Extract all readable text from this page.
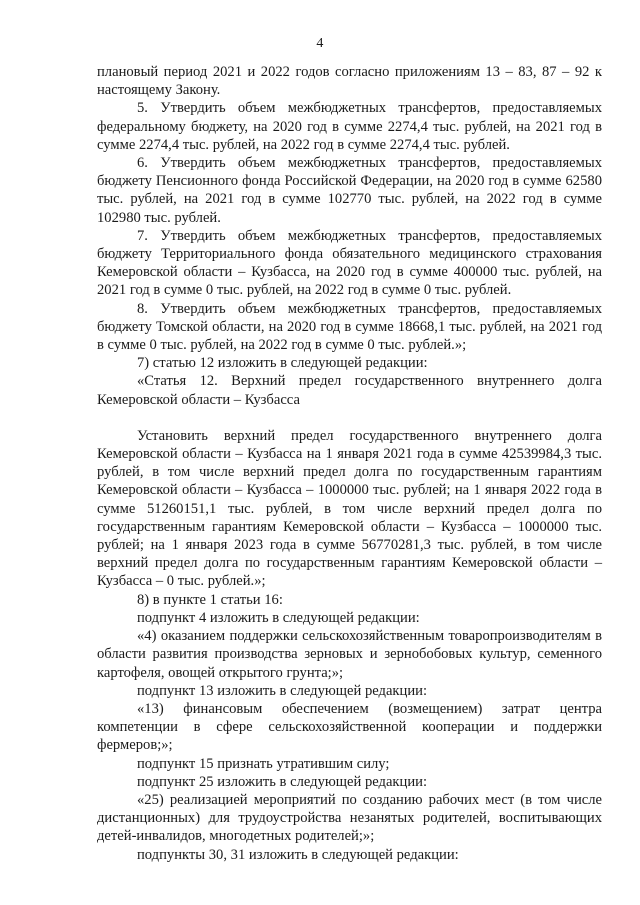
4

плановый период 2021 и 2022 годов согласно приложениям 13 – 83, 87 – 92 к настоящему Закону.

5. Утвердить объем межбюджетных трансфертов, предоставляемых федеральному бюджету, на 2020 год в сумме 2274,4 тыс. рублей, на 2021 год в сумме 2274,4 тыс. рублей, на 2022 год в сумме 2274,4 тыс. рублей.

6. Утвердить объем межбюджетных трансфертов, предоставляемых бюджету Пенсионного фонда Российской Федерации, на 2020 год в сумме 62580 тыс. рублей, на 2021 год в сумме 102770 тыс. рублей, на 2022 год в сумме 102980 тыс. рублей.

7. Утвердить объем межбюджетных трансфертов, предоставляемых бюджету Территориального фонда обязательного медицинского страхования Кемеровской области – Кузбасса, на 2020 год в сумме 400000 тыс. рублей, на 2021 год в сумме 0 тыс. рублей, на 2022 год в сумме 0 тыс. рублей.

8. Утвердить объем межбюджетных трансфертов, предоставляемых бюджету Томской области, на 2020 год в сумме 18668,1 тыс. рублей, на 2021 год в сумме 0 тыс. рублей, на 2022 год в сумме 0 тыс. рублей.»;

7) статью 12 изложить в следующей редакции:

«Статья 12. Верхний предел государственного внутреннего долга Кемеровской области – Кузбасса

Установить верхний предел государственного внутреннего долга Кемеровской области – Кузбасса на 1 января 2021 года в сумме 42539984,3 тыс. рублей, в том числе верхний предел долга по государственным гарантиям Кемеровской области – Кузбасса – 1000000 тыс. рублей; на 1 января 2022 года в сумме 51260151,1 тыс. рублей, в том числе верхний предел долга по государственным гарантиям Кемеровской области – Кузбасса – 1000000 тыс. рублей; на 1 января 2023 года в сумме 56770281,3 тыс. рублей, в том числе верхний предел долга по государственным гарантиям Кемеровской области – Кузбасса – 0 тыс. рублей.»;

8) в пункте 1 статьи 16:

подпункт 4 изложить в следующей редакции:

«4) оказанием поддержки сельскохозяйственным товаропроизводителям в области развития производства зерновых и зернобобовых культур, семенного картофеля, овощей открытого грунта;»;

подпункт 13 изложить в следующей редакции:

«13) финансовым обеспечением (возмещением) затрат центра компетенции в сфере сельскохозяйственной кооперации и поддержки фермеров;»;

подпункт 15 признать утратившим силу;

подпункт 25 изложить в следующей редакции:

«25) реализацией мероприятий по созданию рабочих мест (в том числе дистанционных) для трудоустройства незанятых родителей, воспитывающих детей-инвалидов, многодетных родителей;»;

подпункты 30, 31 изложить в следующей редакции:
